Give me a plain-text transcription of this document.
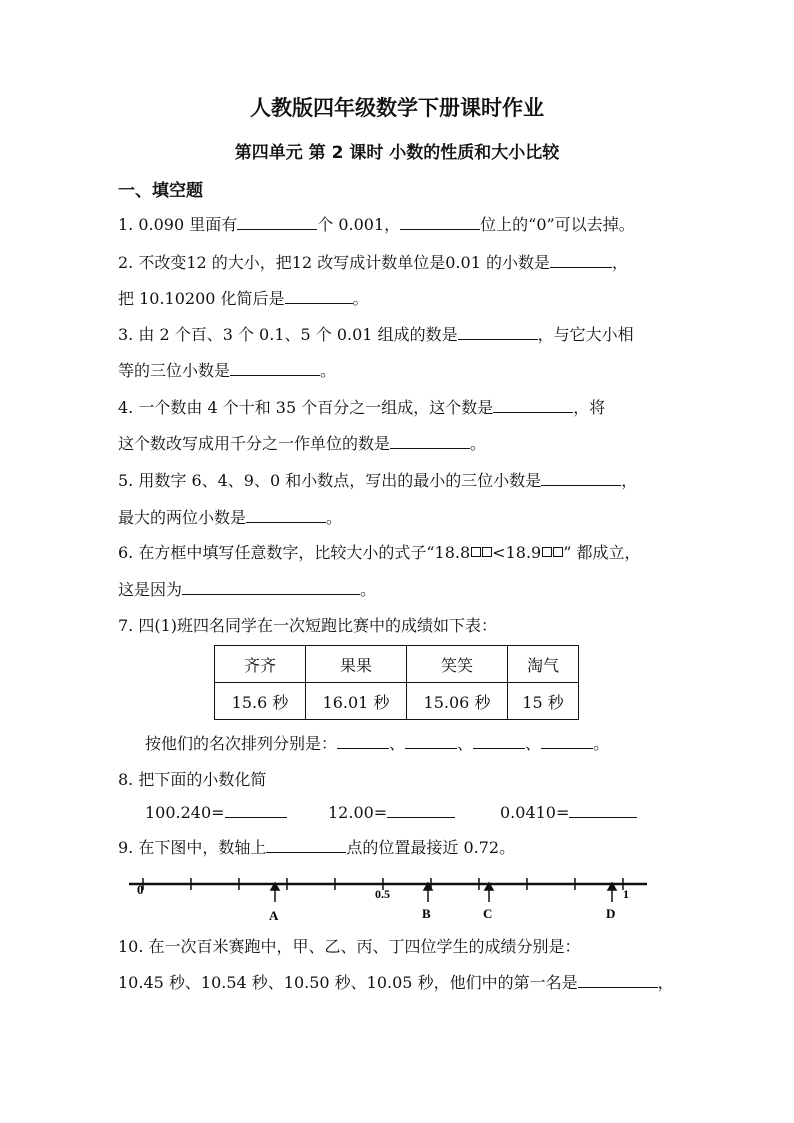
人教版四年级数学下册课时作业
第四单元 第 2 课时 小数的性质和大小比较
一、填空题
1. 0.090 里面有	个 0.001，	位上的“0”可以去掉。
2. 不改变12 的大小，把12 改写成计数单位是0.01 的小数是	，
把 10.10200 化简后是	。
3. 由 2 个百、3 个 0.1、5 个 0.01 组成的数是	，与它大小相
等的三位小数是	。
4. 一个数由 4 个十和 35 个百分之一组成，这个数是	，将
这个数改写成用千分之一作单位的数是	。
5. 用数字 6、4、9、0 和小数点，写出的最小的三位小数是	，
最大的两位小数是	。
6. 在方框中填写任意数字，比较大小的式子“18.8 <18.9 ” 都成立，
这是因为	。
7. 四(1)班四名同学在一次短跑比赛中的成绩如下表：
齐齐	果果	笑笑	淘气
15.6 秒	16.01 秒	15.06 秒	15 秒
按他们的名次排列分别是：	、	、	、	。
8. 把下面的小数化简
100.240=	12.00=	0.0410=
9. 在下图中，数轴上	点的位置最接近 0.72。
0	0.5	1
A	B	C	D
10. 在一次百米赛跑中，甲、乙、丙、丁四位学生的成绩分别是：
10.45 秒、10.54 秒、10.50 秒、10.05 秒，他们中的第一名是	，
